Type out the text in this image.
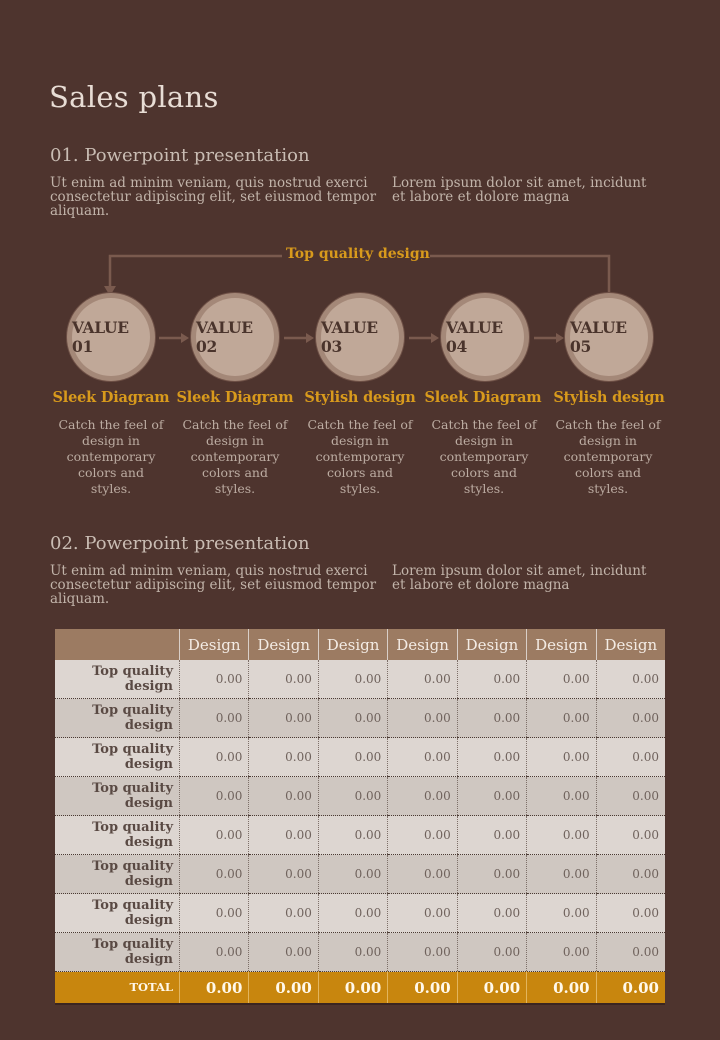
Sales plans
01. Powerpoint presentation
Ut enim ad minim veniam, quis nostrud exerci consectetur adipiscing elit, set eiusmod tempor aliquam.
Lorem ipsum dolor sit amet, incidunt et labore et dolore magna
Top quality design
VALUE 01
VALUE 02
VALUE 03
VALUE 04
VALUE 05
Sleek Diagram Sleek Diagram Stylish design Sleek Diagram Stylish design
Catch the feel of design in contemporary colors and styles.
Catch the feel of design in contemporary colors and styles.
Catch the feel of design in contemporary colors and styles.
Catch the feel of design in contemporary colors and styles.
Catch the feel of design in contemporary colors and styles.
02. Powerpoint presentation
Ut enim ad minim veniam, quis nostrud exerci consectetur adipiscing elit, set eiusmod tempor aliquam.
Lorem ipsum dolor sit amet, incidunt et labore et dolore magna
	Design	Design	Design	Design	Design	Design	Design
Top quality design	0.00	0.00	0.00	0.00	0.00	0.00	0.00
Top quality design	0.00	0.00	0.00	0.00	0.00	0.00	0.00
Top quality design	0.00	0.00	0.00	0.00	0.00	0.00	0.00
Top quality design	0.00	0.00	0.00	0.00	0.00	0.00	0.00
Top quality design	0.00	0.00	0.00	0.00	0.00	0.00	0.00
Top quality design	0.00	0.00	0.00	0.00	0.00	0.00	0.00
Top quality design	0.00	0.00	0.00	0.00	0.00	0.00	0.00
Top quality design	0.00	0.00	0.00	0.00	0.00	0.00	0.00
TOTAL	0.00	0.00	0.00	0.00	0.00	0.00	0.00
